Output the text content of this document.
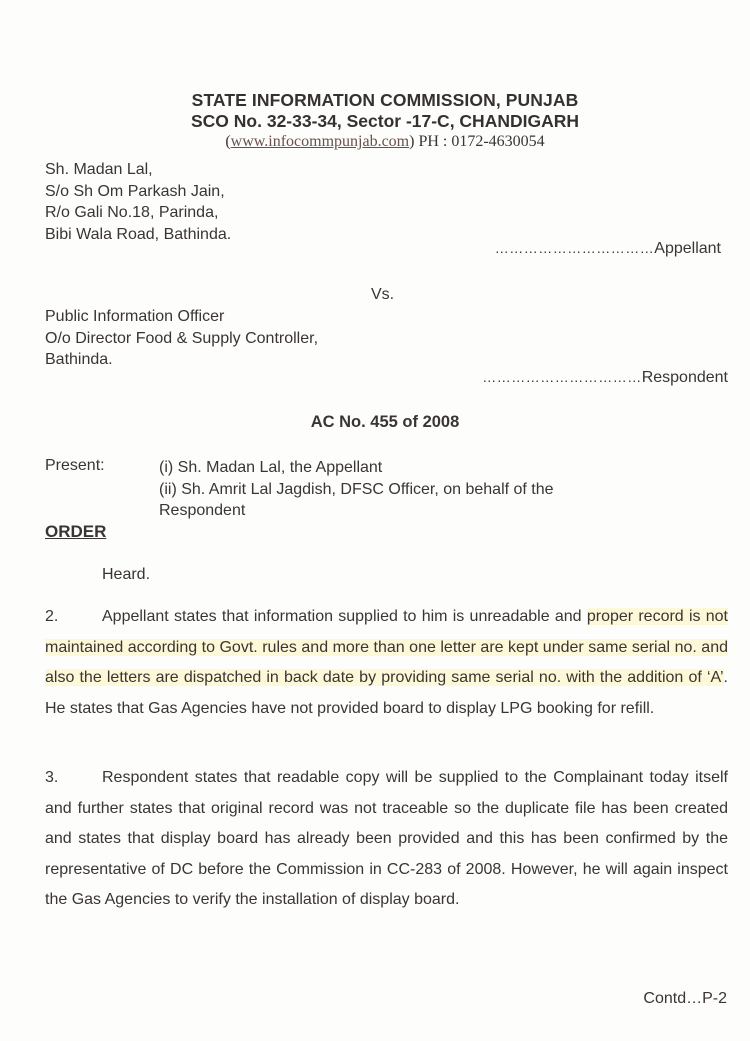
STATE INFORMATION COMMISSION, PUNJAB
SCO No. 32-33-34, Sector -17-C, CHANDIGARH
(www.infocommpunjab.com) PH : 0172-4630054
Sh. Madan Lal,
S/o Sh Om Parkash Jain,
R/o Gali No.18, Parinda,
Bibi Wala Road, Bathinda.
……………………………Appellant
Vs.
Public Information Officer
O/o Director Food & Supply Controller,
Bathinda.
……………………………Respondent
AC No. 455 of 2008
Present:	(i) Sh. Madan Lal, the Appellant
(ii) Sh. Amrit Lal Jagdish, DFSC Officer, on behalf of the
Respondent
ORDER
Heard.
2.	Appellant states that information supplied to him is unreadable and proper record is not maintained according to Govt. rules and more than one letter are kept under same serial no. and also the letters are dispatched in back date by providing same serial no. with the addition of ‘A’. He states that Gas Agencies have not provided board to display LPG booking for refill.
3.	Respondent states that readable copy will be supplied to the Complainant today itself and further states that original record was not traceable so the duplicate file has been created and states that display board has already been provided and this has been confirmed by the representative of DC before the Commission in CC-283 of 2008. However, he will again inspect the Gas Agencies to verify the installation of display board.
Contd…P-2
